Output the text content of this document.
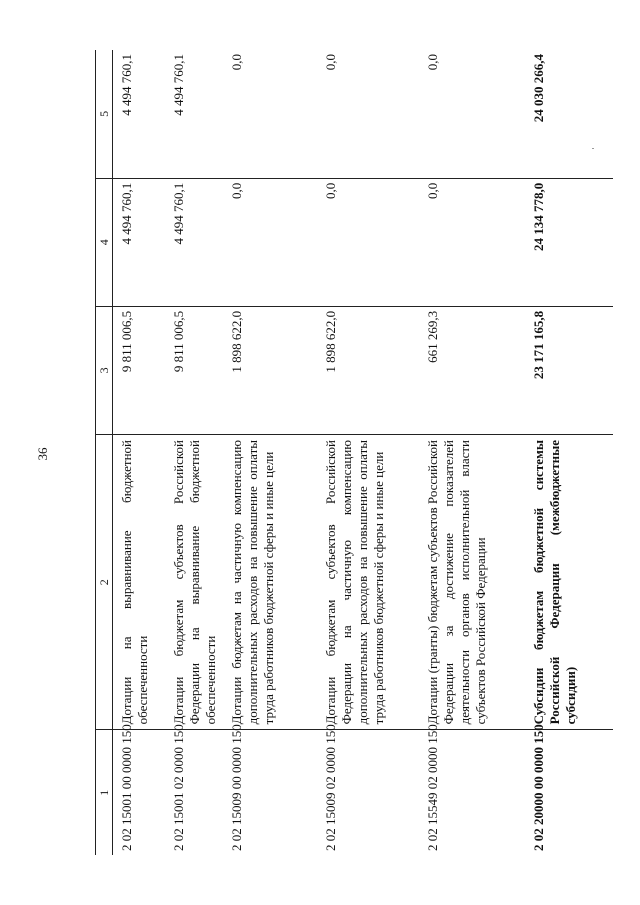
36
1	2	3	4	5
2 02 15001 00 0000 150	Дотации на выравнивание бюджетной обеспеченности	9 811 006,5	4 494 760,1	4 494 760,1
2 02 15001 02 0000 150	Дотации бюджетам субъектов Российской Федерации на выравнивание бюджетной обеспеченности	9 811 006,5	4 494 760,1	4 494 760,1
2 02 15009 00 0000 150	Дотации бюджетам на частичную компенсацию дополнительных расходов на повышение оплаты труда работников бюджетной сферы и иные цели	1 898 622,0	0,0	0,0
2 02 15009 02 0000 150	Дотации бюджетам субъектов Российской Федерации на частичную компенсацию дополнительных расходов на повышение оплаты труда работников бюджетной сферы и иные цели	1 898 622,0	0,0	0,0
2 02 15549 02 0000 150	Дотации (гранты) бюджетам субъектов Российской Федерации за достижение показателей деятельности органов исполнительной власти субъектов Российской Федерации	661 269,3	0,0	0,0
2 02 20000 00 0000 150	Субсидии бюджетам бюджетной системы Российской Федерации (межбюджетные субсидии)	23 171 165,8	24 134 778,0	24 030 266,4
